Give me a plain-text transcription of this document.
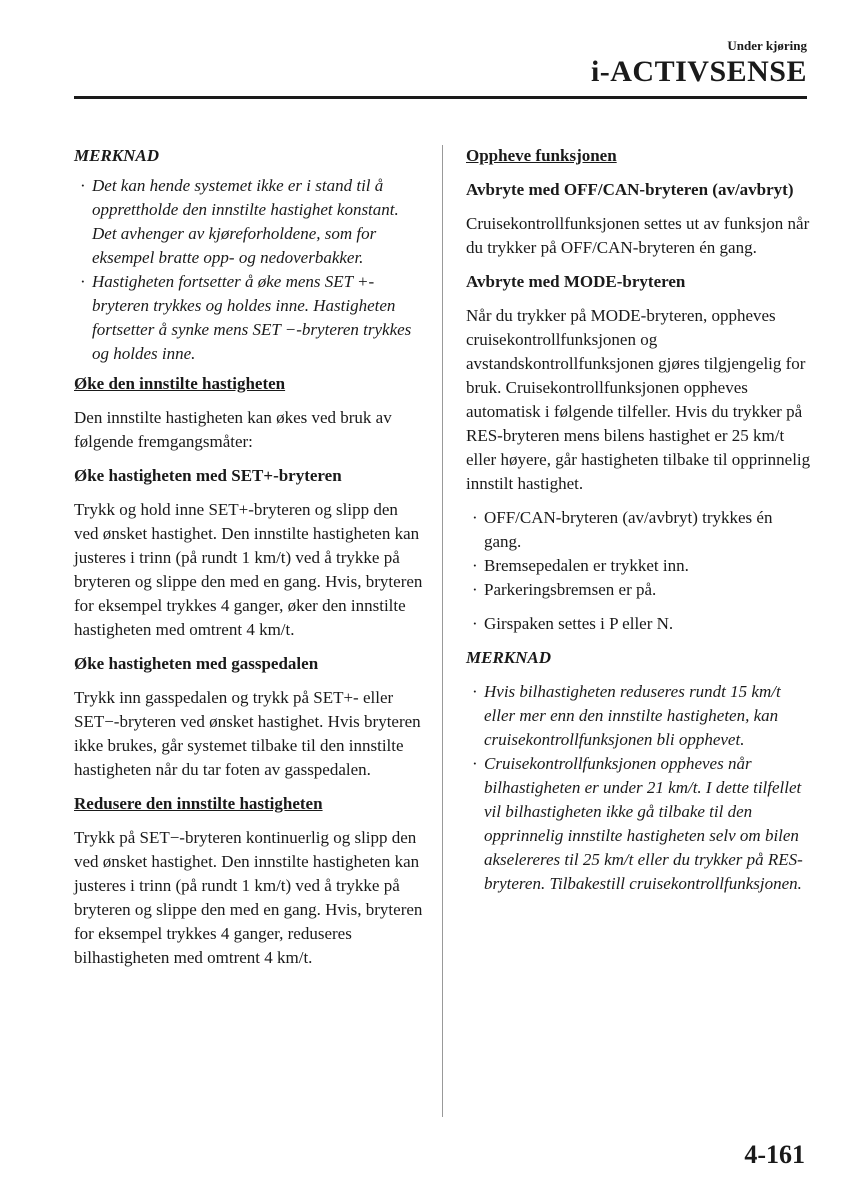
Under kjøring
i-ACTIVSENSE

MERKNAD

· Det kan hende systemet ikke er i stand til å opprettholde den innstilte hastighet konstant. Det avhenger av kjøreforholdene, som for eksempel bratte opp- og nedoverbakker.
· Hastigheten fortsetter å øke mens SET +-bryteren trykkes og holdes inne. Hastigheten fortsetter å synke mens SET −-bryteren trykkes og holdes inne.

Øke den innstilte hastigheten

Den innstilte hastigheten kan økes ved bruk av følgende fremgangsmåter:

Øke hastigheten med SET+-bryteren

Trykk og hold inne SET+-bryteren og slipp den ved ønsket hastighet. Den innstilte hastigheten kan justeres i trinn (på rundt 1 km/t) ved å trykke på bryteren og slippe den med en gang. Hvis, bryteren for eksempel trykkes 4 ganger, øker den innstilte hastigheten med omtrent 4 km/t.

Øke hastigheten med gasspedalen

Trykk inn gasspedalen og trykk på SET+- eller SET−-bryteren ved ønsket hastighet. Hvis bryteren ikke brukes, går systemet tilbake til den innstilte hastigheten når du tar foten av gasspedalen.

Redusere den innstilte hastigheten

Trykk på SET−-bryteren kontinuerlig og slipp den ved ønsket hastighet. Den innstilte hastigheten kan justeres i trinn (på rundt 1 km/t) ved å trykke på bryteren og slippe den med en gang. Hvis, bryteren for eksempel trykkes 4 ganger, reduseres bilhastigheten med omtrent 4 km/t.

Oppheve funksjonen

Avbryte med OFF/CAN-bryteren (av/avbryt)

Cruisekontrollfunksjonen settes ut av funksjon når du trykker på OFF/CAN-bryteren én gang.

Avbryte med MODE-bryteren

Når du trykker på MODE-bryteren, oppheves cruisekontrollfunksjonen og avstandskontrollfunksjonen gjøres tilgjengelig for bruk. Cruisekontrollfunksjonen oppheves automatisk i følgende tilfeller. Hvis du trykker på RES-bryteren mens bilens hastighet er 25 km/t eller høyere, går hastigheten tilbake til opprinnelig innstilt hastighet.

· OFF/CAN-bryteren (av/avbryt) trykkes én gang.
· Bremsepedalen er trykket inn.
· Parkeringsbremsen er på.
· Girspaken settes i P eller N.

MERKNAD

· Hvis bilhastigheten reduseres rundt 15 km/t eller mer enn den innstilte hastigheten, kan cruisekontrollfunksjonen bli opphevet.
· Cruisekontrollfunksjonen oppheves når bilhastigheten er under 21 km/t. I dette tilfellet vil bilhastigheten ikke gå tilbake til den opprinnelig innstilte hastigheten selv om bilen akselereres til 25 km/t eller du trykker på RES-bryteren. Tilbakestill cruisekontrollfunksjonen.
4-161
